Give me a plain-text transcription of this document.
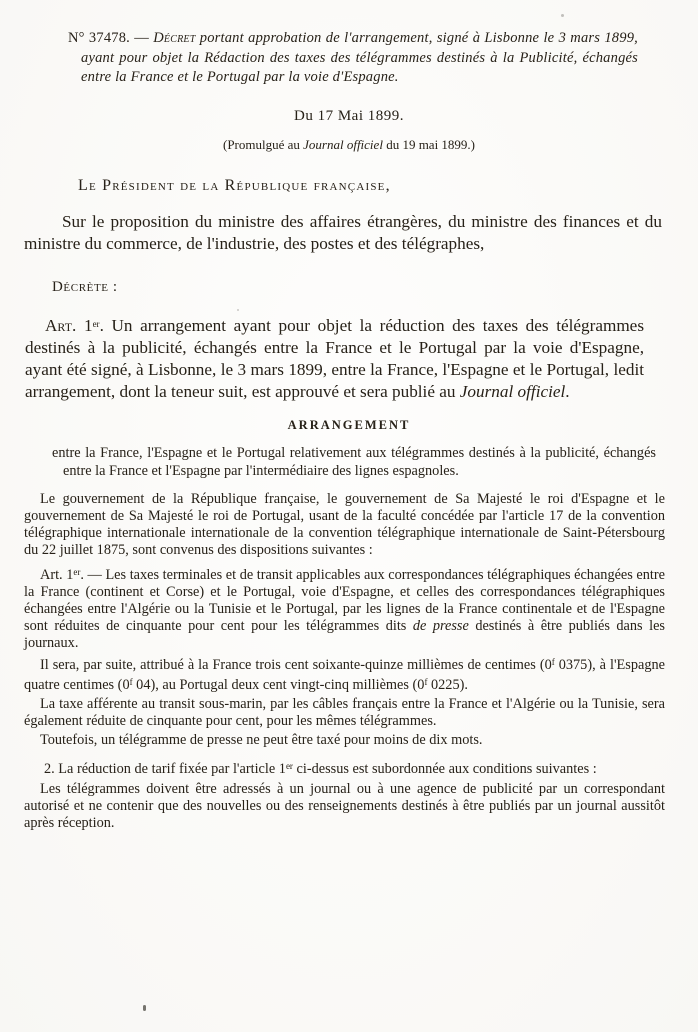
N° 37478. — Décret portant approbation de l'arrangement, signé à Lisbonne le 3 mars 1899, ayant pour objet la Rédaction des taxes des télégrammes destinés à la Publicité, échangés entre la France et le Portugal par la voie d'Espagne.

Du 17 Mai 1899.

(Promulgué au Journal officiel du 19 mai 1899.)

Le Président de la République française,

Sur le proposition du ministre des affaires étrangères, du ministre des finances et du ministre du commerce, de l'industrie, des postes et des télégraphes,

Décrète :

Art. 1er. Un arrangement ayant pour objet la réduction des taxes des télégrammes destinés à la publicité, échangés entre la France et le Portugal par la voie d'Espagne, ayant été signé, à Lisbonne, le 3 mars 1899, entre la France, l'Espagne et le Portugal, ledit arrangement, dont la teneur suit, est approuvé et sera publié au Journal officiel.

ARRANGEMENT

entre la France, l'Espagne et le Portugal relativement aux télégrammes destinés à la publicité, échangés entre la France et l'Espagne par l'intermédiaire des lignes espagnoles.

Le gouvernement de la République française, le gouvernement de Sa Majesté le roi d'Espagne et le gouvernement de Sa Majesté le roi de Portugal, usant de la faculté concédée par l'article 17 de la convention télégraphique internationale internationale de la convention télégraphique internationale de Saint-Pétersbourg du 22 juillet 1875, sont convenus des dispositions suivantes :

Art. 1er. — Les taxes terminales et de transit applicables aux correspondances télégraphiques échangées entre la France (continent et Corse) et le Portugal, voie d'Espagne, et celles des correspondances télégraphiques échangées entre l'Algérie ou la Tunisie et le Portugal, par les lignes de la France continentale et de l'Espagne sont réduites de cinquante pour cent pour les télégrammes dits de presse destinés à être publiés dans les journaux.

Il sera, par suite, attribué à la France trois cent soixante-quinze millièmes de centimes (0$^f$ 0375), à l'Espagne quatre centimes (0$^f$ 04), au Portugal deux cent vingt-cinq millièmes (0$^f$ 0225).

La taxe afférente au transit sous-marin, par les câbles français entre la France et l'Algérie ou la Tunisie, sera également réduite de cinquante pour cent, pour les mêmes télégrammes.

Toutefois, un télégramme de presse ne peut être taxé pour moins de dix mots.

2. La réduction de tarif fixée par l'article 1er ci-dessus est subordonnée aux conditions suivantes :

Les télégrammes doivent être adressés à un journal ou à une agence de publicité par un correspondant autorisé et ne contenir que des nouvelles ou des renseignements destinés à être publiés par un journal aussitôt après réception.
